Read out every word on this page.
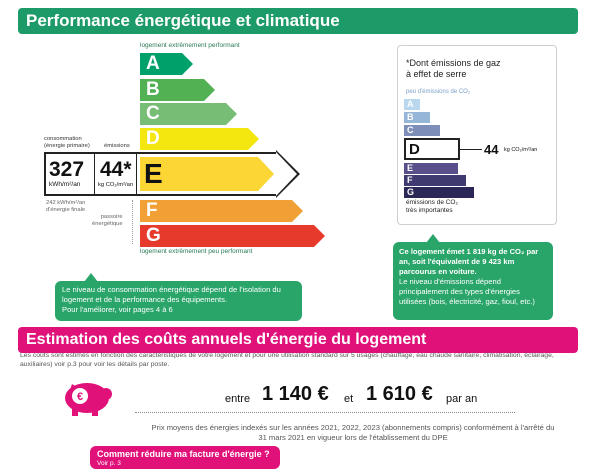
Performance énergétique et climatique
logement extrêmement performant
logement extrêmement peu performant
A
B
C
D
F
G
consommation
(énergie primaire) émissions
327
kWh/m²/an
44*
kg CO₂/m²/an E
242 kWh/m²/an
d'énergie finale
passoire
énergétique
Arthurimmo.com
*Dont émissions de gaz
à effet de serre
peu d'émissions de CO₂
A
B
C
D
E
F
G
44 kg CO₂/m²/an
émissions de CO₂
très importantes
Le niveau de consommation énergétique dépend de l'isolation du logement et de la performance des équipements.
Pour l'améliorer, voir pages 4 à 6
Ce logement émet 1 819 kg de CO₂ par an, soit l'équivalent de 9 423 km parcourus en voiture.
Le niveau d'émissions dépend principalement des types d'énergies utilisées (bois, électricité, gaz, fioul, etc.)
Estimation des coûts annuels d'énergie du logement
Les coûts sont estimés en fonction des caractéristiques de votre logement et pour une utilisation standard sur 5 usages (chauffage, eau chaude sanitaire, climatisation, éclairage, auxiliaires) voir p.3 pour voir les détails par poste.
€	entre 1 140 € et 1 610 € par an
Prix moyens des énergies indexés sur les années 2021, 2022, 2023 (abonnements compris) conformément à l'arrêté du 31 mars 2021 en vigueur lors de l'établissement du DPE
Comment réduire ma facture d'énergie ?
Voir p. 3
